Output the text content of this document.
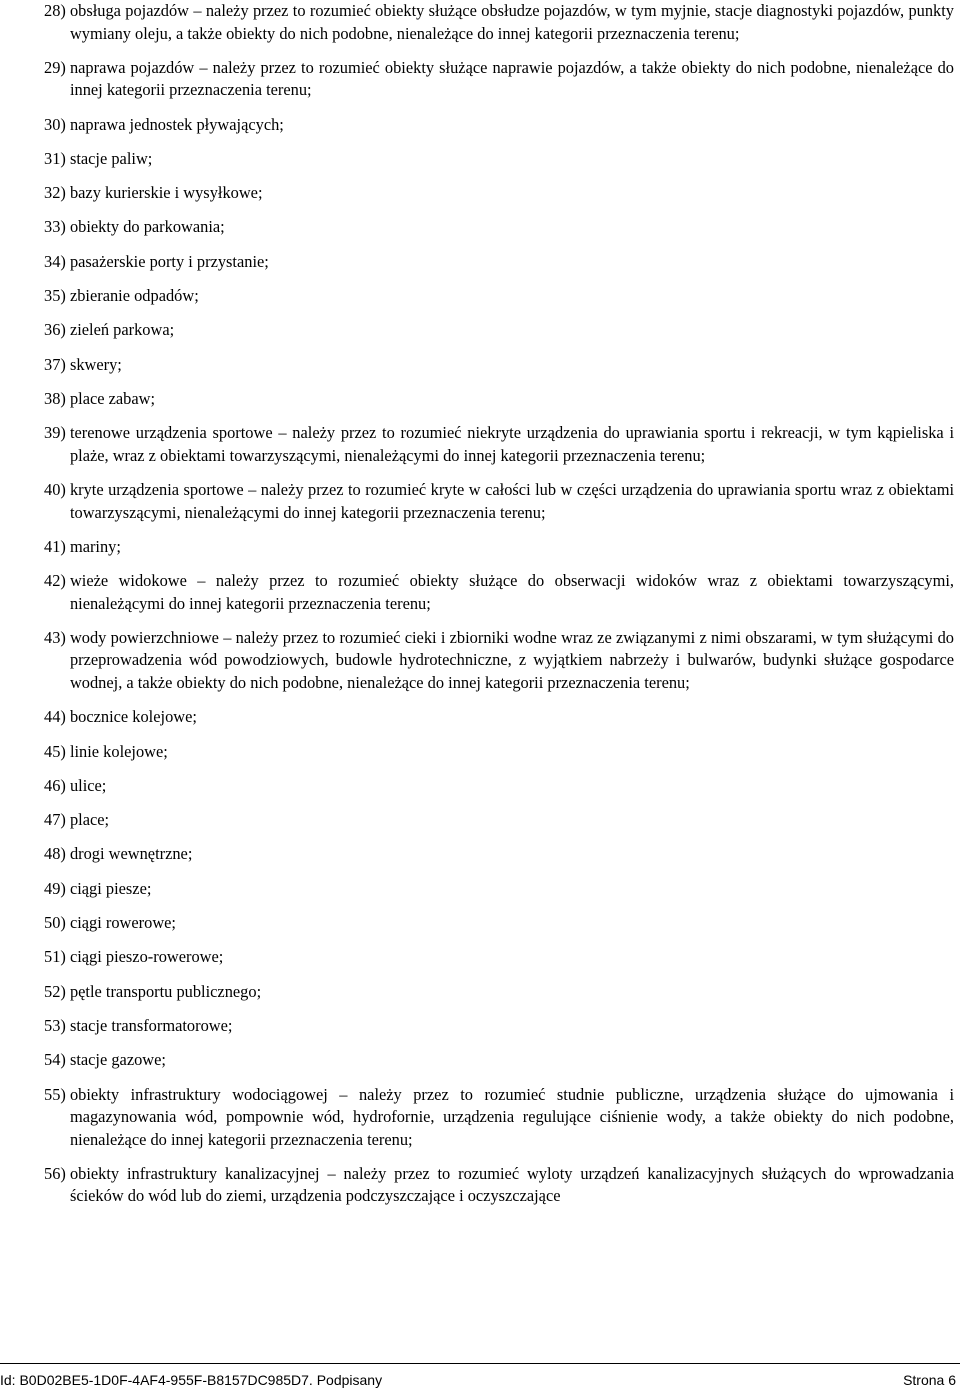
28) obsługa pojazdów – należy przez to rozumieć obiekty służące obsłudze pojazdów, w tym myjnie, stacje diagnostyki pojazdów, punkty wymiany oleju, a także obiekty do nich podobne, nienależące do innej kategorii przeznaczenia terenu;
29) naprawa pojazdów – należy przez to rozumieć obiekty służące naprawie pojazdów, a także obiekty do nich podobne, nienależące do innej kategorii przeznaczenia terenu;
30) naprawa jednostek pływających;
31) stacje paliw;
32) bazy kurierskie i wysyłkowe;
33) obiekty do parkowania;
34) pasażerskie porty i przystanie;
35) zbieranie odpadów;
36) zieleń parkowa;
37) skwery;
38) place zabaw;
39) terenowe urządzenia sportowe – należy przez to rozumieć niekryte urządzenia do uprawiania sportu i rekreacji, w tym kąpieliska i plaże, wraz z obiektami towarzyszącymi, nienależącymi do innej kategorii przeznaczenia terenu;
40) kryte urządzenia sportowe – należy przez to rozumieć kryte w całości lub w części urządzenia do uprawiania sportu wraz z obiektami towarzyszącymi, nienależącymi do innej kategorii przeznaczenia terenu;
41) mariny;
42) wieże widokowe – należy przez to rozumieć obiekty służące do obserwacji widoków wraz z obiektami towarzyszącymi, nienależącymi do innej kategorii przeznaczenia terenu;
43) wody powierzchniowe – należy przez to rozumieć cieki i zbiorniki wodne wraz ze związanymi z nimi obszarami, w tym służącymi do przeprowadzenia wód powodziowych, budowle hydrotechniczne, z wyjątkiem nabrzeży i bulwarów, budynki służące gospodarce wodnej, a także obiekty do nich podobne, nienależące do innej kategorii przeznaczenia terenu;
44) bocznice kolejowe;
45) linie kolejowe;
46) ulice;
47) place;
48) drogi wewnętrzne;
49) ciągi piesze;
50) ciągi rowerowe;
51) ciągi pieszo-rowerowe;
52) pętle transportu publicznego;
53) stacje transformatorowe;
54) stacje gazowe;
55) obiekty infrastruktury wodociągowej – należy przez to rozumieć studnie publiczne, urządzenia służące do ujmowania i magazynowania wód, pompownie wód, hydrofornie, urządzenia regulujące ciśnienie wody, a także obiekty do nich podobne, nienależące do innej kategorii przeznaczenia terenu;
56) obiekty infrastruktury kanalizacyjnej – należy przez to rozumieć wyloty urządzeń kanalizacyjnych służących do wprowadzania ścieków do wód lub do ziemi, urządzenia podczyszczające i oczyszczające
Id: B0D02BE5-1D0F-4AF4-955F-B8157DC985D7. Podpisany	Strona 6
